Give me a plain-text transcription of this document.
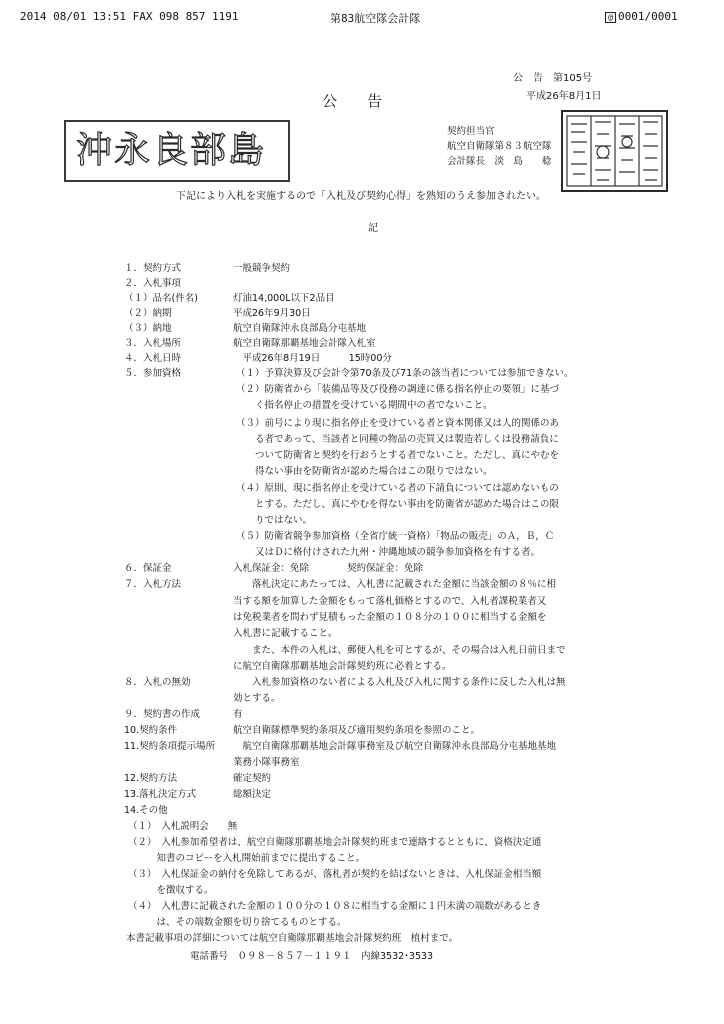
2014 08/01 13:51 FAX 098 857 1191	第83航空隊会計隊	@ 0001/0001
公　告　第105号
平成26年8月1日
公　　告
沖永良部島	契約担当官
航空自衛隊第８３航空隊
会計隊長　淡　島　　稔
下記により入札を実施するので「入札及び契約心得」を熟知のうえ参加されたい。
記
１．契約方式	一般競争契約
２．入札事項
（１）品名(件名)	灯油14,000L以下2品目
（２）納期	平成26年9月30日
（３）納地	航空自衛隊沖永良部島分屯基地
３．入札場所	航空自衛隊那覇基地会計隊入札室
４．入札日時	　平成26年8月19日　　　15時00分
５．参加資格	（１）予算決算及び会計令第70条及び71条の該当者については参加できない。
（２）防衛省から「装備品等及び役務の調達に係る指名停止の要領」に基づ
　　く指名停止の措置を受けている期間中の者でないこと。
（３）前号により現に指名停止を受けている者と資本関係又は人的関係のあ
　　る者であって、当該者と同種の物品の売買又は製造若しくは役務請負に
　　ついて防衛省と契約を行おうとする者でないこと。ただし、真にやむを
　　得ない事由を防衛省が認めた場合はこの限りではない。
（４）原則、現に指名停止を受けている者の下請負については認めないもの
　　とする。ただし、真にやむを得ない事由を防衛省が認めた場合はこの限
　　りではない。
（５）防衛省競争参加資格（全省庁統一資格）「物品の販売」のＡ，Ｂ，Ｃ
　　又はＤに格付けされた九州・沖縄地域の競争参加資格を有する者。
６．保証金	入札保証金：免除　　　　契約保証金：免除
７．入札方法	　　落札決定にあたっては、入札書に記載された金額に当該金額の８％に相
当する額を加算した金額をもって落札価格とするので、入札者課税業者又
は免税業者を問わず見積もった金額の１０８分の１００に相当する金額を
入札書に記載すること。
　　また、本件の入札は、郵便入札を可とするが、その場合は入札日前日まで
に航空自衛隊那覇基地会計隊契約班に必着とする。
８．入札の無効	　　入札参加資格のない者による入札及び入札に関する条件に反した入札は無
効とする。
９．契約書の作成	有
10.契約条件	航空自衛隊標準契約条項及び適用契約条項を参照のこと。
11.契約条項提示場所 　航空自衛隊那覇基地会計隊事務室及び航空自衛隊沖永良部島分屯基地基地
業務小隊事務室
12.契約方法	確定契約
13.落札決定方式	総額決定
14.その他
（１）　入札説明会　　無
（２）　入札参加希望者は、航空自衛隊那覇基地会計隊契約班まで連絡するとともに、資格決定通
　　　知書のコピーを入札開始前までに提出すること。
（３）　入札保証金の納付を免除してあるが、落札者が契約を結ばないときは、入札保証金相当額
　　　を徴収する。
（４）　入札書に記載された金額の１００分の１０８に相当する金額に１円未満の端数があるとき
　　　は、その端数金額を切り捨てるものとする。
本書記載事項の詳細については航空自衛隊那覇基地会計隊契約班　植村まで。
電話番号　０９８－８５７－１１９１　内線3532･3533
